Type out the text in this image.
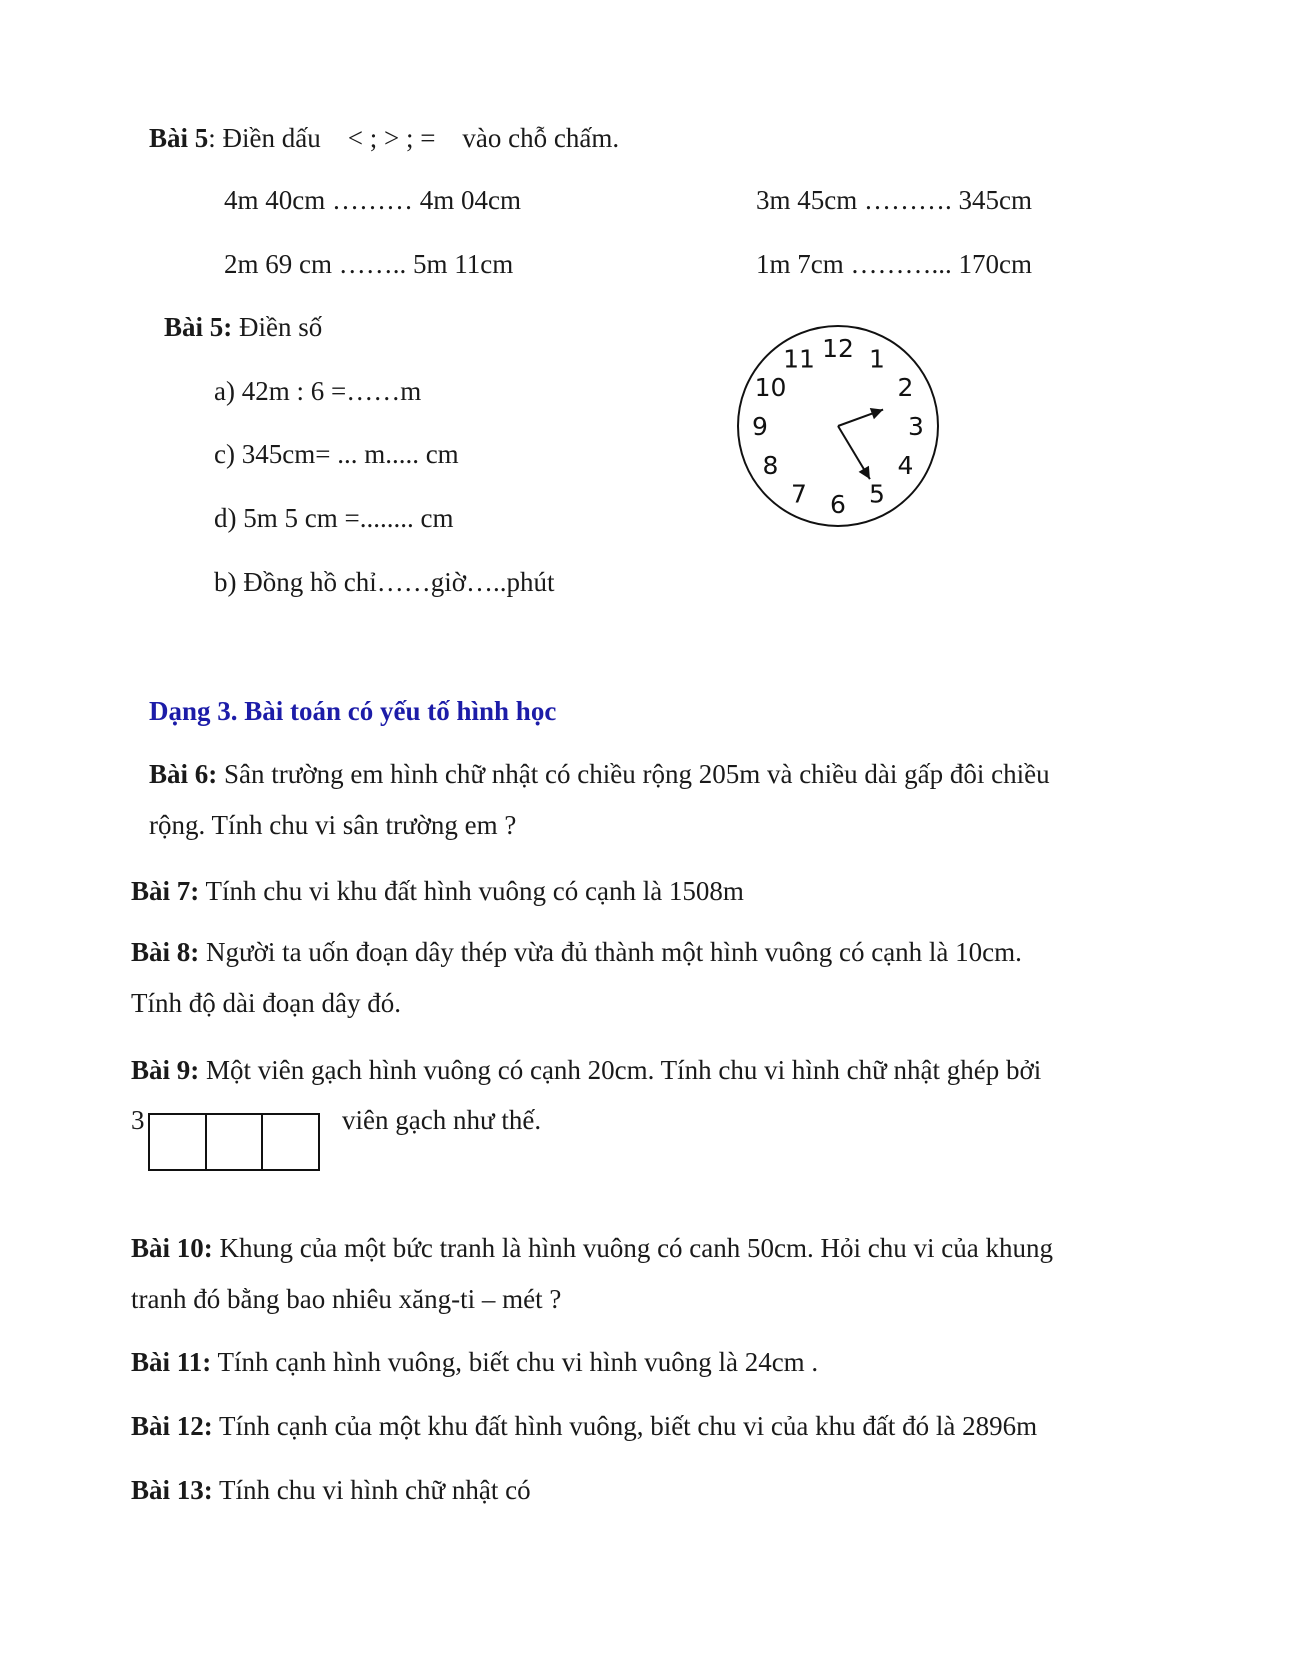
Bài 5: Điền dấu    < ; > ; =    vào chỗ chấm.
4m 40cm ……… 4m 04cm	3m 45cm ………. 345cm
2m 69 cm …….. 5m 11cm	1m 7cm ………... 170cm
Bài 5: Điền số
a) 42m : 6 =……m
c) 345cm= ... m..... cm
d) 5m 5 cm =........ cm
b) Đồng hồ chỉ……giờ…..phút
12 1
2
3
4
5
6
7
8
9
10
11
Dạng 3. Bài toán có yếu tố hình học
Bài 6: Sân trường em hình chữ nhật có chiều rộng 205m và chiều dài gấp đôi chiều
rộng. Tính chu vi sân trường em ?
Bài 7: Tính chu vi khu đất hình vuông có cạnh là 1508m
Bài 8: Người ta uốn đoạn dây thép vừa đủ thành một hình vuông có cạnh là 10cm.
Tính độ dài đoạn dây đó.
Bài 9: Một viên gạch hình vuông có cạnh 20cm. Tính chu vi hình chữ nhật ghép bởi
3	viên gạch như thế.
Bài 10: Khung của một bức tranh là hình vuông có canh 50cm. Hỏi chu vi của khung
tranh đó bằng bao nhiêu xăng-ti – mét ?
Bài 11: Tính cạnh hình vuông, biết chu vi hình vuông là 24cm .
Bài 12: Tính cạnh của một khu đất hình vuông, biết chu vi của khu đất đó là 2896m
Bài 13: Tính chu vi hình chữ nhật có
